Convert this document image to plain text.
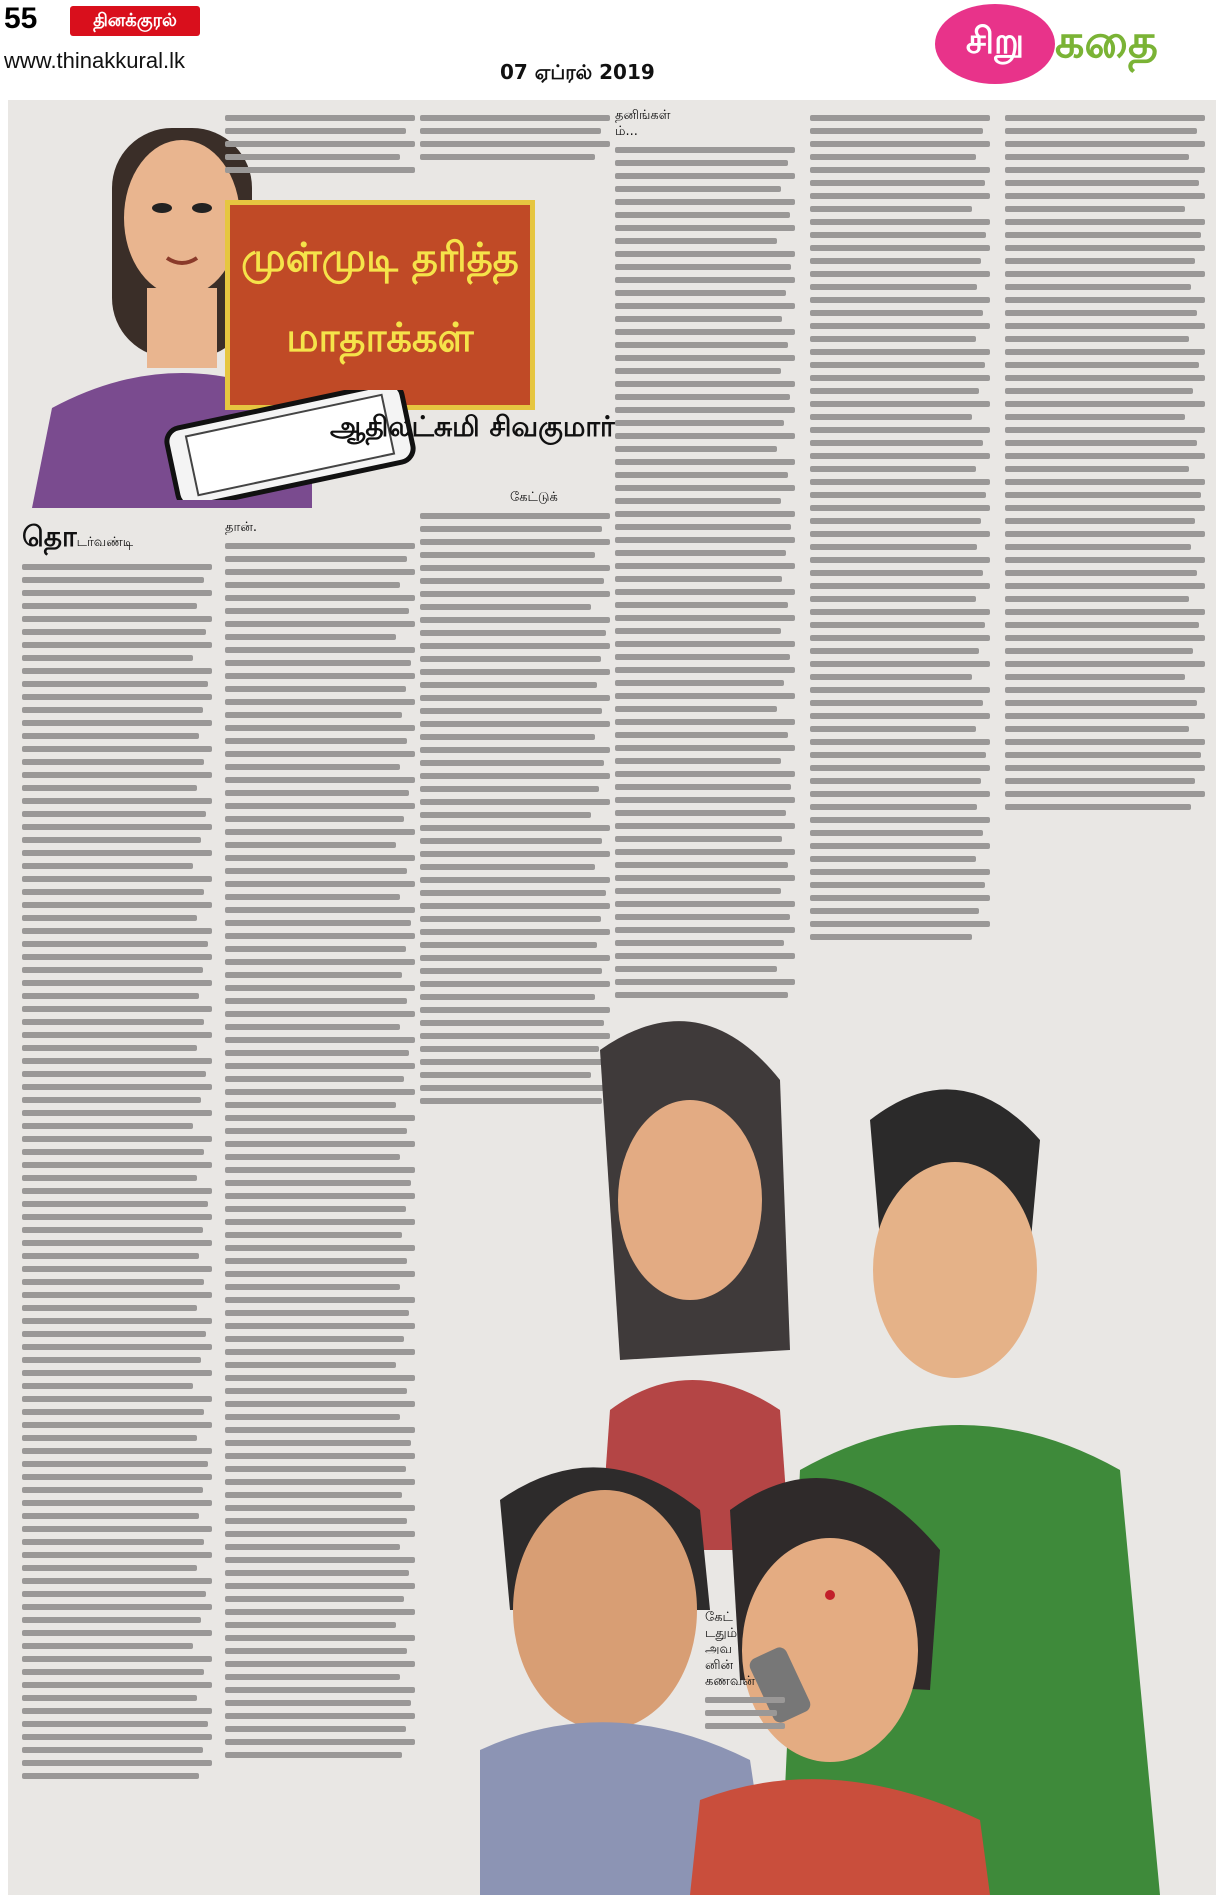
55	தினக்குரல்
www.thinakkural.lk	07 ஏப்ரல் 2019
சிறு கதை
முள்முடி தரித்த
மாதாக்கள்
ஆதிலட்சுமி சிவகுமார்
தொடர்வண்டி
தான்.
கேட்டுக்
தனிங்கள்
ம்...
கேட்
டதும்
அவ
னின்
கணவன்
